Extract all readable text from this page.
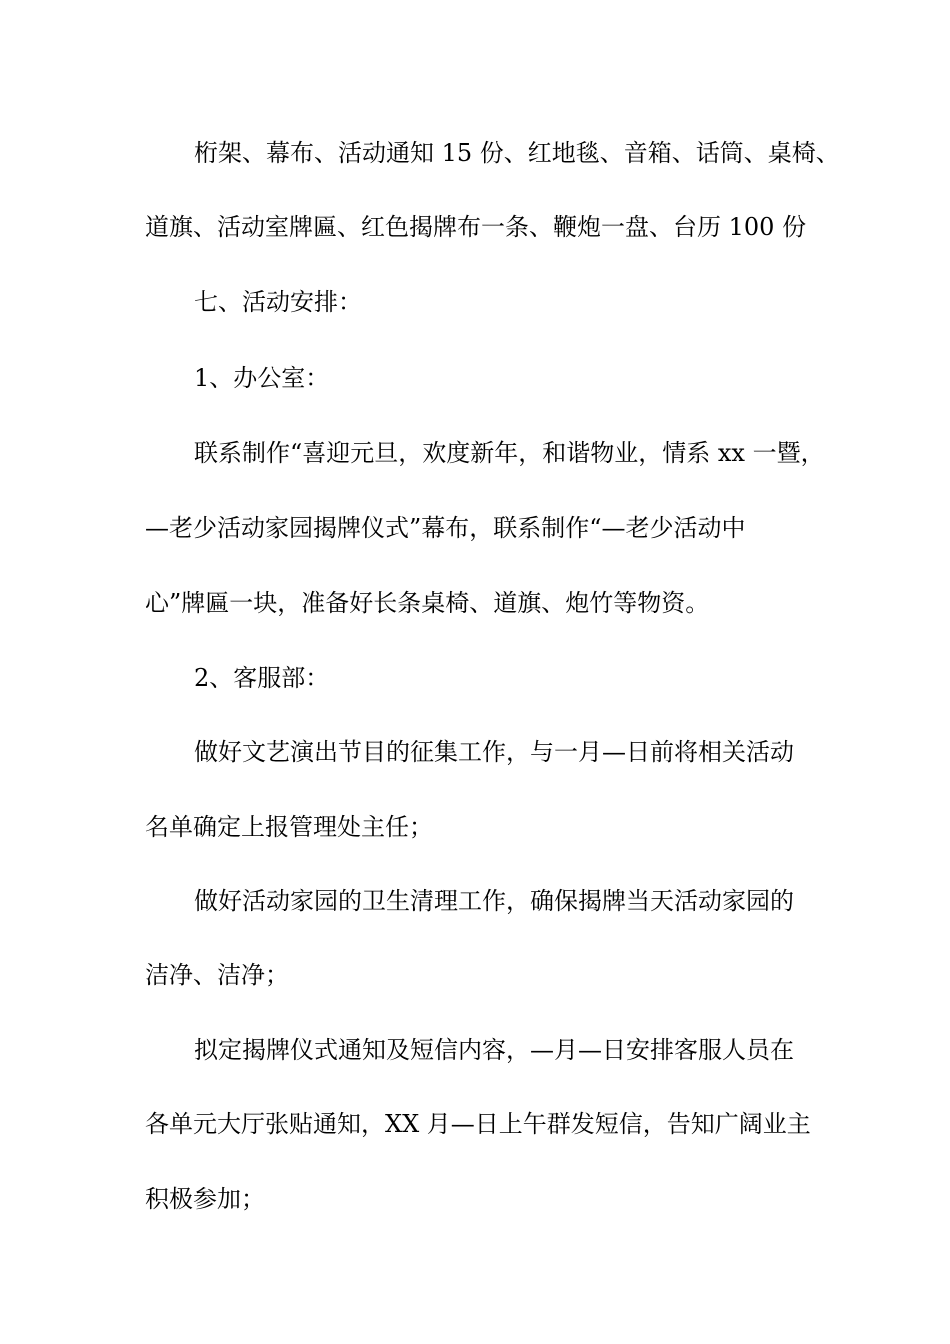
桁架、幕布、活动通知 15 份、红地毯、音箱、话筒、桌椅、
道旗、活动室牌匾、红色揭牌布一条、鞭炮一盘、台历 100 份
七、活动安排：
1、办公室：
联系制作“喜迎元旦，欢度新年，和谐物业，情系 xx 一暨，
—老少活动家园揭牌仪式”幕布，联系制作“—老少活动中
心”牌匾一块，准备好长条桌椅、道旗、炮竹等物资。
2、客服部：
做好文艺演出节目的征集工作，与一月—日前将相关活动
名单确定上报管理处主任；
做好活动家园的卫生清理工作，确保揭牌当天活动家园的
洁净、洁净；
拟定揭牌仪式通知及短信内容，—月—日安排客服人员在
各单元大厅张贴通知，XX 月—日上午群发短信，告知广阔业主
积极参加；
